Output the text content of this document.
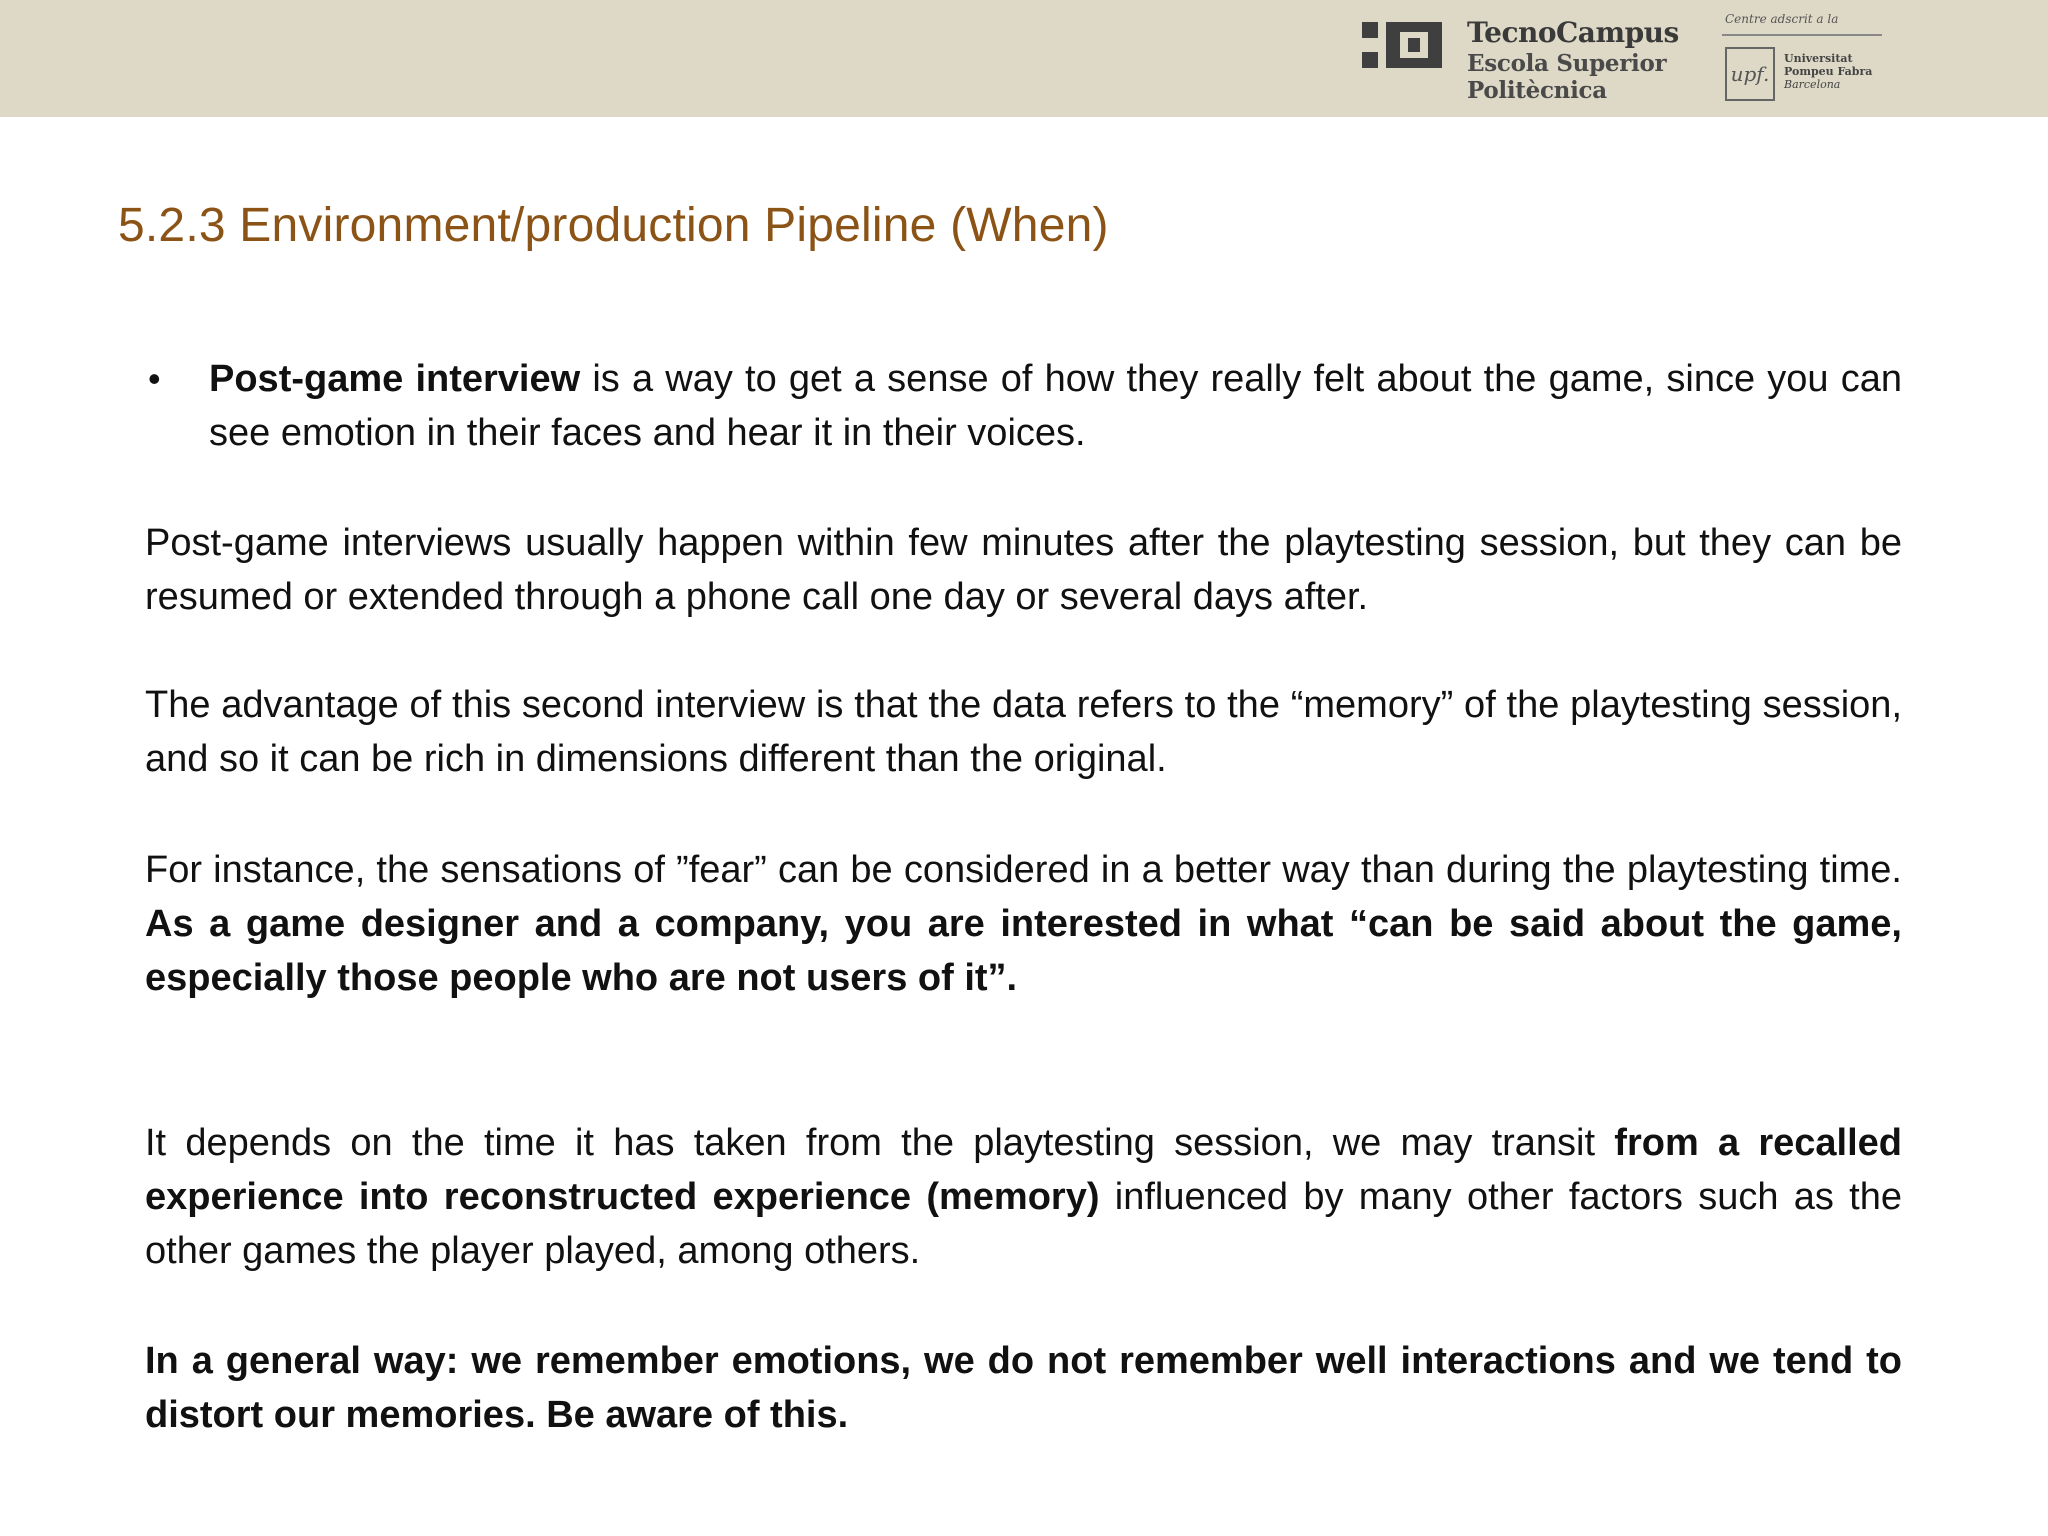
TecnoCampus
Escola Superior
Politècnica
Centre adscrit a la
upf.
Universitat
Pompeu Fabra
Barcelona
5.2.3 Environment/production Pipeline (When)
• Post-game interview is a way to get a sense of how they really felt about the game, since you can see emotion in their faces and hear it in their voices.
Post-game interviews usually happen within few minutes after the playtesting session, but they can be resumed or extended through a phone call one day or several days after.
The advantage of this second interview is that the data refers to the “memory” of the playtesting session, and so it can be rich in dimensions different than the original.
For instance, the sensations of ”fear” can be considered in a better way than during the playtesting time. As a game designer and a company, you are interested in what “can be said about the game, especially those people who are not users of it”.
It depends on the time it has taken from the playtesting session, we may transit from a recalled experience into reconstructed experience (memory) influenced by many other factors such as the other games the player played, among others.
In a general way: we remember emotions, we do not remember well interactions and we tend to distort our memories. Be aware of this.
